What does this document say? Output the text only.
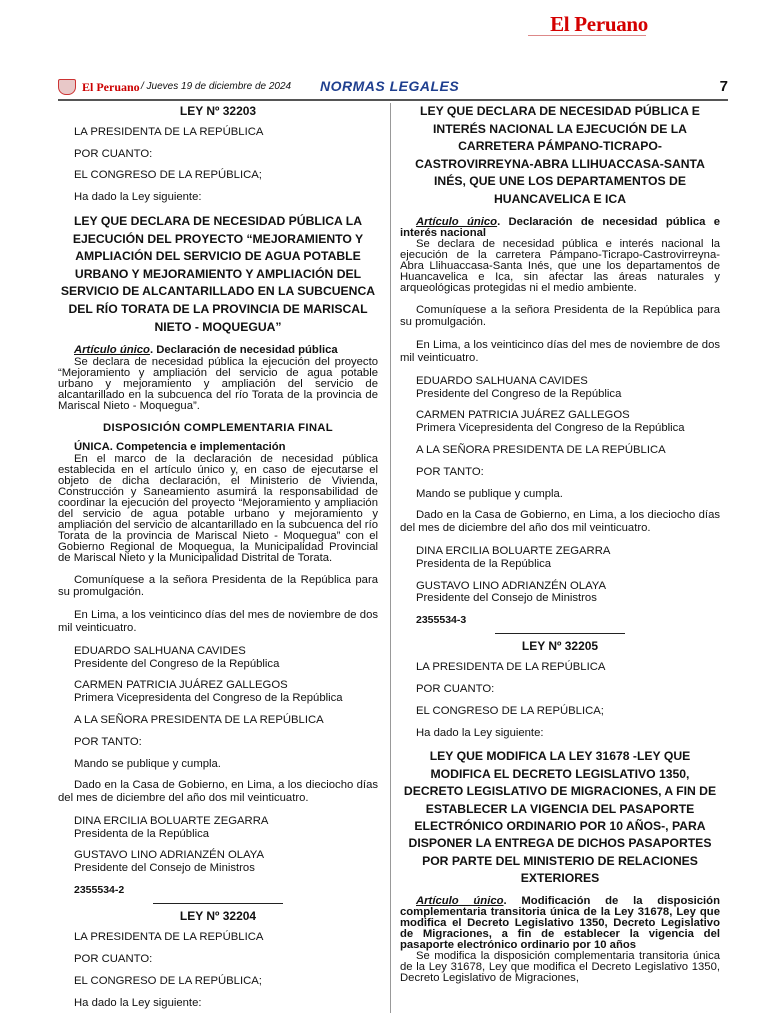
El Peruano
El Peruano / Jueves 19 de diciembre de 2024 NORMAS LEGALES	7
LEY Nº 32203
LA PRESIDENTA DE LA REPÚBLICA
POR CUANTO:
EL CONGRESO DE LA REPÚBLICA;
Ha dado la Ley siguiente:
LEY QUE DECLARA DE NECESIDAD PÚBLICA LA EJECUCIÓN DEL PROYECTO “MEJORAMIENTO Y AMPLIACIÓN DEL SERVICIO DE AGUA POTABLE URBANO Y MEJORAMIENTO Y AMPLIACIÓN DEL SERVICIO DE ALCANTARILLADO EN LA SUBCUENCA DEL RÍO TORATA DE LA PROVINCIA DE MARISCAL NIETO - MOQUEGUA”
Artículo único. Declaración de necesidad pública
Se declara de necesidad pública la ejecución del proyecto “Mejoramiento y ampliación del servicio de agua potable urbano y mejoramiento y ampliación del servicio de alcantarillado en la subcuenca del río Torata de la provincia de Mariscal Nieto - Moquegua”.
DISPOSICIÓN COMPLEMENTARIA FINAL
ÚNICA. Competencia e implementación
En el marco de la declaración de necesidad pública establecida en el artículo único y, en caso de ejecutarse el objeto de dicha declaración, el Ministerio de Vivienda, Construcción y Saneamiento asumirá la responsabilidad de coordinar la ejecución del proyecto “Mejoramiento y ampliación del servicio de agua potable urbano y mejoramiento y ampliación del servicio de alcantarillado en la subcuenca del río Torata de la provincia de Mariscal Nieto - Moquegua” con el Gobierno Regional de Moquegua, la Municipalidad Provincial de Mariscal Nieto y la Municipalidad Distrital de Torata.
Comuníquese a la señora Presidenta de la República para su promulgación.
En Lima, a los veinticinco días del mes de noviembre de dos mil veinticuatro.
EDUARDO SALHUANA CAVIDES
Presidente del Congreso de la República
CARMEN PATRICIA JUÁREZ GALLEGOS
Primera Vicepresidenta del Congreso de la República
A LA SEÑORA PRESIDENTA DE LA REPÚBLICA
POR TANTO:
Mando se publique y cumpla.
Dado en la Casa de Gobierno, en Lima, a los dieciocho días del mes de diciembre del año dos mil veinticuatro.
DINA ERCILIA BOLUARTE ZEGARRA
Presidenta de la República
GUSTAVO LINO ADRIANZÉN OLAYA
Presidente del Consejo de Ministros
2355534-2
LEY Nº 32204
LA PRESIDENTA DE LA REPÚBLICA
POR CUANTO:
EL CONGRESO DE LA REPÚBLICA;
Ha dado la Ley siguiente:
LEY QUE DECLARA DE NECESIDAD PÚBLICA E INTERÉS NACIONAL LA EJECUCIÓN DE LA CARRETERA PÁMPANO-TICRAPO-CASTROVIRREYNA-ABRA LLIHUACCASA-SANTA INÉS, QUE UNE LOS DEPARTAMENTOS DE HUANCAVELICA E ICA
Artículo único. Declaración de necesidad pública e interés nacional
Se declara de necesidad pública e interés nacional la ejecución de la carretera Pámpano-Ticrapo-Castrovirreyna-Abra Llihuaccasa-Santa Inés, que une los departamentos de Huancavelica e Ica, sin afectar las áreas naturales y arqueológicas protegidas ni el medio ambiente.
Comuníquese a la señora Presidenta de la República para su promulgación.
En Lima, a los veinticinco días del mes de noviembre de dos mil veinticuatro.
EDUARDO SALHUANA CAVIDES
Presidente del Congreso de la República
CARMEN PATRICIA JUÁREZ GALLEGOS
Primera Vicepresidenta del Congreso de la República
A LA SEÑORA PRESIDENTA DE LA REPÚBLICA
POR TANTO:
Mando se publique y cumpla.
Dado en la Casa de Gobierno, en Lima, a los dieciocho días del mes de diciembre del año dos mil veinticuatro.
DINA ERCILIA BOLUARTE ZEGARRA
Presidenta de la República
GUSTAVO LINO ADRIANZÉN OLAYA
Presidente del Consejo de Ministros
2355534-3
LEY Nº 32205
LA PRESIDENTA DE LA REPÚBLICA
POR CUANTO:
EL CONGRESO DE LA REPÚBLICA;
Ha dado la Ley siguiente:
LEY QUE MODIFICA LA LEY 31678 -LEY QUE MODIFICA EL DECRETO LEGISLATIVO 1350, DECRETO LEGISLATIVO DE MIGRACIONES, A FIN DE ESTABLECER LA VIGENCIA DEL PASAPORTE ELECTRÓNICO ORDINARIO POR 10 AÑOS-, PARA DISPONER LA ENTREGA DE DICHOS PASAPORTES POR PARTE DEL MINISTERIO DE RELACIONES EXTERIORES
Artículo único. Modificación de la disposición complementaria transitoria única de la Ley 31678, Ley que modifica el Decreto Legislativo 1350, Decreto Legislativo de Migraciones, a fin de establecer la vigencia del pasaporte electrónico ordinario por 10 años
Se modifica la disposición complementaria transitoria única de la Ley 31678, Ley que modifica el Decreto Legislativo 1350, Decreto Legislativo de Migraciones,
